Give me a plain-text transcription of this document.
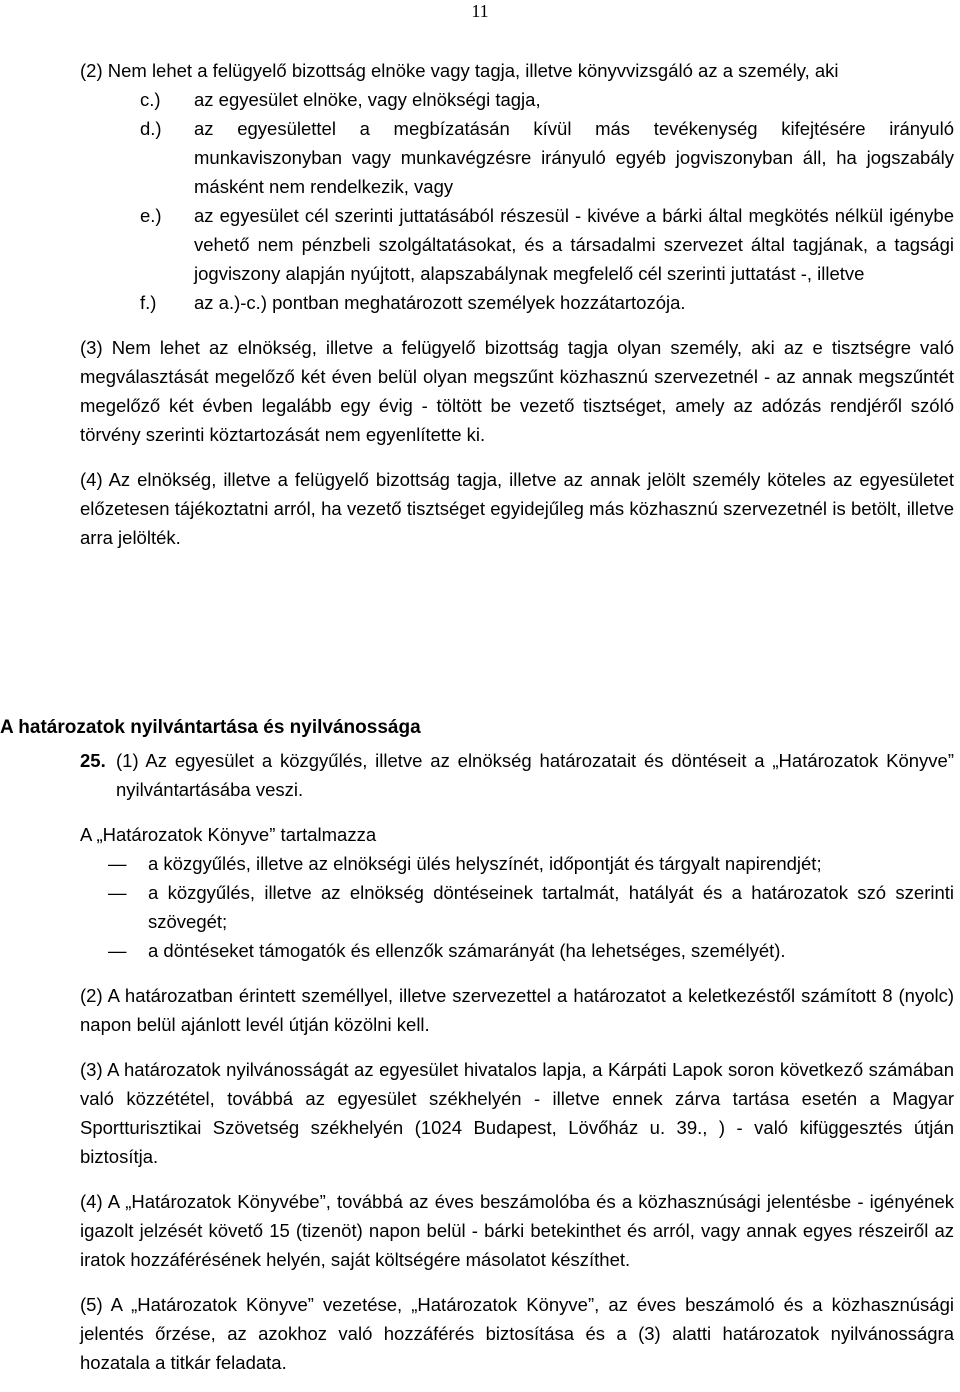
11

(2) Nem lehet a felügyelő bizottság elnöke vagy tagja, illetve könyvvizsgáló az a személy, aki

c.)	az egyesület elnöke, vagy elnökségi tagja,
d.)	az egyesülettel a megbízatásán kívül más tevékenység kifejtésére irányuló munkaviszonyban vagy munkavégzésre irányuló egyéb jogviszonyban áll, ha jogszabály másként nem rendelkezik, vagy
e.)	az egyesület cél szerinti juttatásából részesül - kivéve a bárki által megkötés nélkül igénybe vehető nem pénzbeli szolgáltatásokat, és a társadalmi szervezet által tagjának, a tagsági jogviszony alapján nyújtott, alapszabálynak megfelelő cél szerinti juttatást -, illetve
f.)	az a.)-c.) pontban meghatározott személyek hozzátartozója.

(3) Nem lehet az elnökség, illetve a felügyelő bizottság tagja olyan személy, aki az e tisztségre való megválasztását megelőző két éven belül olyan megszűnt közhasznú szervezetnél - az annak megszűntét megelőző két évben legalább egy évig - töltött be vezető tisztséget, amely az adózás rendjéről szóló törvény szerinti köztartozását nem egyenlítette ki.

(4) Az elnökség, illetve a felügyelő bizottság tagja, illetve az annak jelölt személy köteles az egyesületet előzetesen tájékoztatni arról, ha vezető tisztséget egyidejűleg más közhasznú szervezetnél is betölt, illetve arra jelölték.

25. (1) Az egyesület a közgyűlés, illetve az elnökség határozatait és döntéseit a „Határozatok Könyve” nyilvántartásába veszi.

A „Határozatok Könyve” tartalmazza

—	a közgyűlés, illetve az elnökségi ülés helyszínét, időpontját és tárgyalt napirendjét;
—	a közgyűlés, illetve az elnökség döntéseinek tartalmát, hatályát és a határozatok szó szerinti szövegét;
—	a döntéseket támogatók és ellenzők számarányát (ha lehetséges, személyét).

(2) A határozatban érintett személlyel, illetve szervezettel a határozatot a keletkezéstől számított 8 (nyolc) napon belül ajánlott levél útján közölni kell.

(3) A határozatok nyilvánosságát az egyesület hivatalos lapja, a Kárpáti Lapok soron következő számában való közzététel, továbbá az egyesület székhelyén - illetve ennek zárva tartása esetén a Magyar Sportturisztikai Szövetség székhelyén (1024 Budapest, Lövőház u. 39., ) - való kifüggesztés útján biztosítja.

(4) A „Határozatok Könyvébe”, továbbá az éves beszámolóba és a közhasznúsági jelentésbe - igényének igazolt jelzését követő 15 (tizenöt) napon belül - bárki betekinthet és arról, vagy annak egyes részeiről az iratok hozzáférésének helyén, saját költségére másolatot készíthet.

(5) A „Határozatok Könyve” vezetése, „Határozatok Könyve”, az éves beszámoló és a közhasznúsági jelentés őrzése, az azokhoz való hozzáférés biztosítása és a (3) alatti határozatok nyilvánosságra hozatala a titkár feladata.

A határozatok nyilvántartása és nyilvánossága
